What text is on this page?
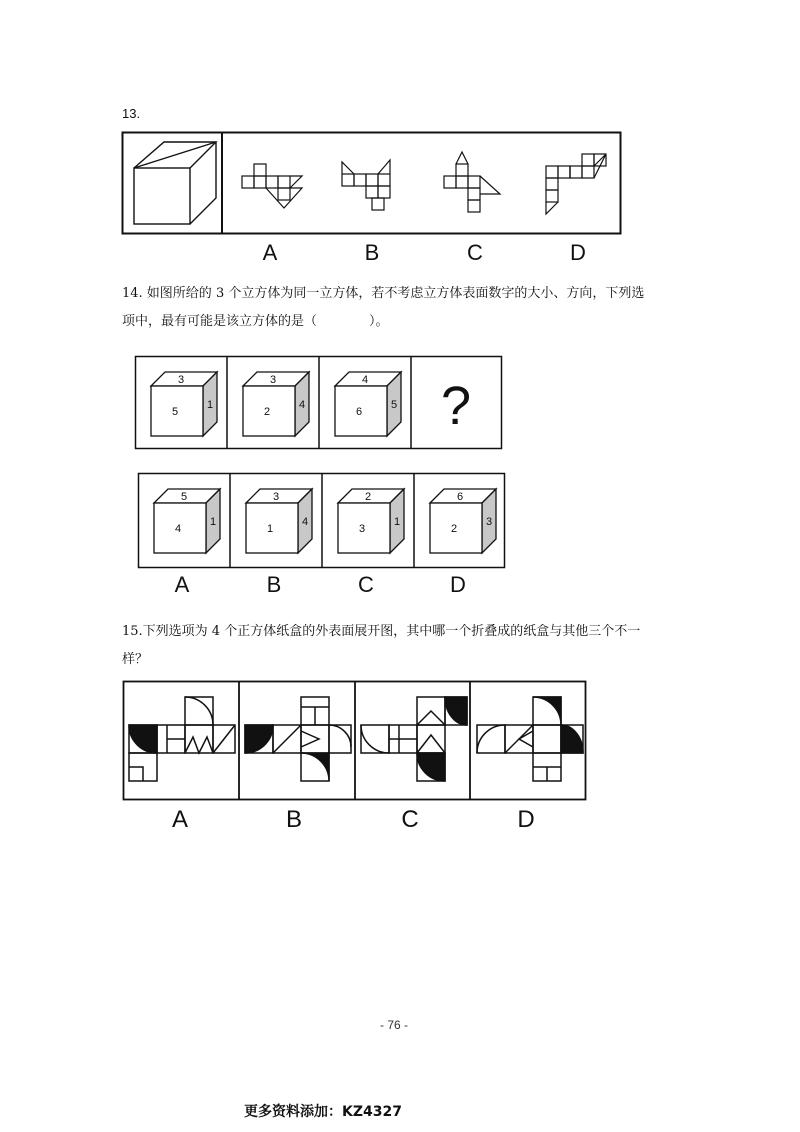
13.
A	B	C	D
14. 如图所给的 3 个立方体为同一立方体，若不考虑立方体表面数字的大小、方向，下列选
项中，最有可能是该立方体的是（　　　　）。
3
5
1
3
2
4
4
6
5 ?
5
4
1
3
1
4
2
3
1
6
2
3
A	B	C	D
15.下列选项为 4 个正方体纸盒的外表面展开图，其中哪一个折叠成的纸盒与其他三个不一
样？
A	B	C	D
- 76 -
更多资料添加：KZ4327
